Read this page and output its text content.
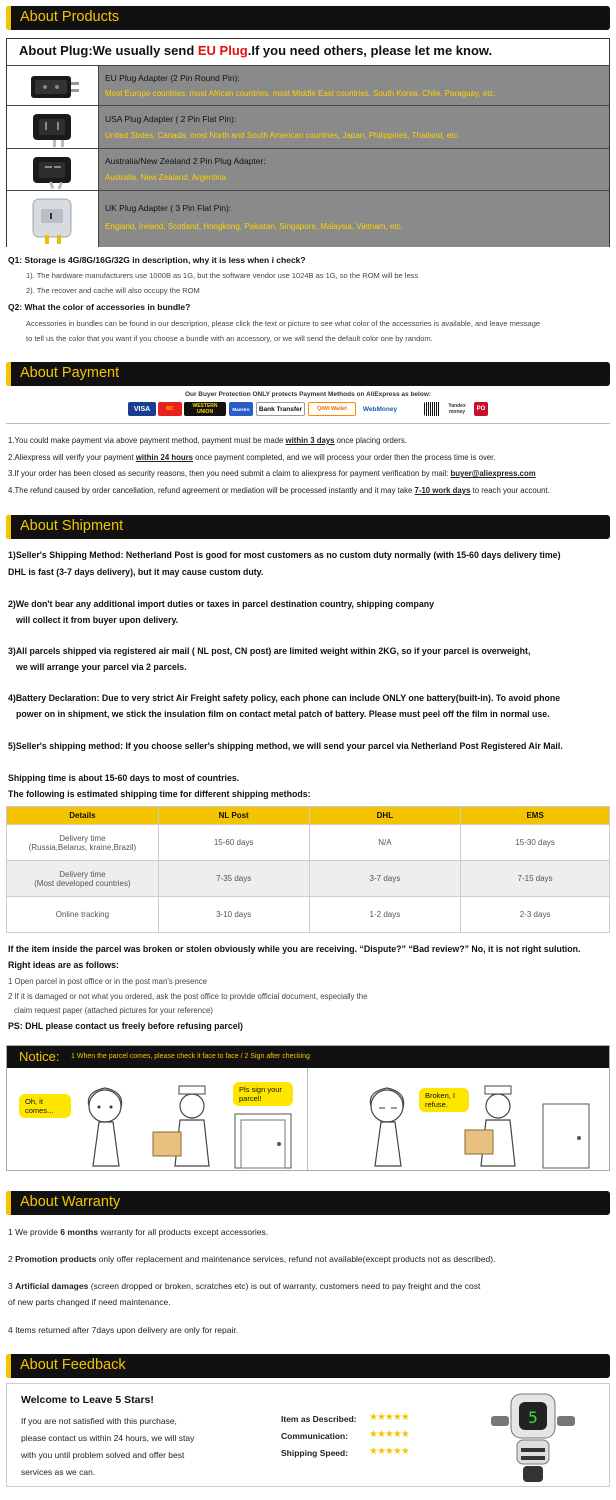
About Products
About Plug:We usually send EU Plug.If you need others, please let me know.
EU Plug Adapter (2 Pin Round Pin):
Most Europe countries, most African countries, most Middle East countries, South Korea, Chile, Paraguay, etc.
USA Plug Adapter ( 2 Pin Flat Pin):
United States, Canada, most North and South American countries, Japan, Philippines, Thailand, etc.
Australia/New Zealand 2 Pin Plug Adapter:
Australia, New Zealand, Argentina
UK Plug Adapter ( 3 Pin Flat Pin):
England, Ireland, Scotland, Hongkong, Pakistan, Singapore, Malaysia, Vietnam, etc.
Q1: Storage is 4G/8G/16G/32G in description, why it is less when i check?
1). The hardware manufacturers use 1000B as 1G, but the software vendor use 1024B as 1G, so the ROM will be less
2). The recover and cache will also occupy the ROM
Q2: What the color of accessories in bundle?
Accessories in bundles can be found in our description, please click the text or picture to see what color of the accessories is available, and leave message
to tell us the color that you want if you choose a bundle with an accessory, or we will send the default color one by random.
About Payment
Our Buyer Protection ONLY protects Payment Methods on AliExpress as below:
VISA	MC	WESTERN UNION	Maestro	Bank Transfer	QIWI Wallet	WebMoney	Yandex money	PO
1.You could make payment via above payment method, payment must be made within 3 days once placing orders.
2.Aliexpress will verify your payment within 24 hours once payment completed, and we will process your order then the process time is over.
3.If your order has been closed as security reasons, then you need submit a claim to aliexpress for payment verification by mail: buyer@aliexpress.com
4.The refund caused by order cancellation, refund agreement or mediation will be processed instantly and it may take 7-10 work days to reach your account.
About Shipment
1)Seller's Shipping Method: Netherland Post is good for most customers as no custom duty normally (with 15-60 days delivery time)
DHL is fast (3-7 days delivery), but it may cause custom duty.
2)We don't bear any additional import duties or taxes in parcel destination country, shipping company
will collect it from buyer upon delivery.
3)All parcels shipped via registered air mail ( NL post, CN post) are limited weight within 2KG, so if your parcel is overweight,
we will arrange your parcel via 2 parcels.
4)Battery Declaration: Due to very strict Air Freight safety policy, each phone can include ONLY one battery(built-in). To avoid phone
power on in shipment, we stick the insulation film on contact metal patch of battery. Please must peel off the film in normal use.
5)Seller's shipping method: If you choose seller's shipping method, we will send your parcel via Netherland Post Registered Air Mail.
Shipping time is about 15-60 days to most of countries.
The following is estimated shipping time for different shipping methods:
Details	NL Post	DHL	EMS

Delivery time
(Russia,Belarus, kraine,Brazil)	15-60 days	N/A	15-30 days

Delivery time
(Most developed countries)	7-35 days	3-7 days	7-15 days
Online tracking	3-10 days	1-2 days	2-3 days
If the item inside the parcel was broken or stolen obviously while you are receiving. “Dispute?” “Bad review?” No, it is not right sulution.
Right ideas are as follows:
1 Open parcel in post office or in the post man's presence
2 If it is damaged or not what you ordered, ask the post office to provide official document, especially the
claim request paper (attached pictures for your reference)
PS: DHL please contact us freely before refusing parcel)
Notice: 1 When the parcel comes, please check it face to face / 2 Sign after checking
Oh, it comes...
Pls sign your parcel!	Broken, I refuse.
About Warranty
1 We provide 6 months warranty for all products except accessories.
2 Promotion products only offer replacement and maintenance services, refund not available(except products not as described).
3 Artificial damages (screen dropped or broken, scratches etc) is out of warranty, customers need to pay freight and the cost
of new parts changed if need maintenance.
4 Items returned after 7days upon delivery are only for repair.
About Feedback
Welcome to Leave 5 Stars!
If you are not satisfied with this purchase,
please contact us within 24 hours, we will stay
with you until problem solved and offer best
services as we can.
Item as Described: ★★★★★
Communication: ★★★★★
Shipping Speed: ★★★★★
5
